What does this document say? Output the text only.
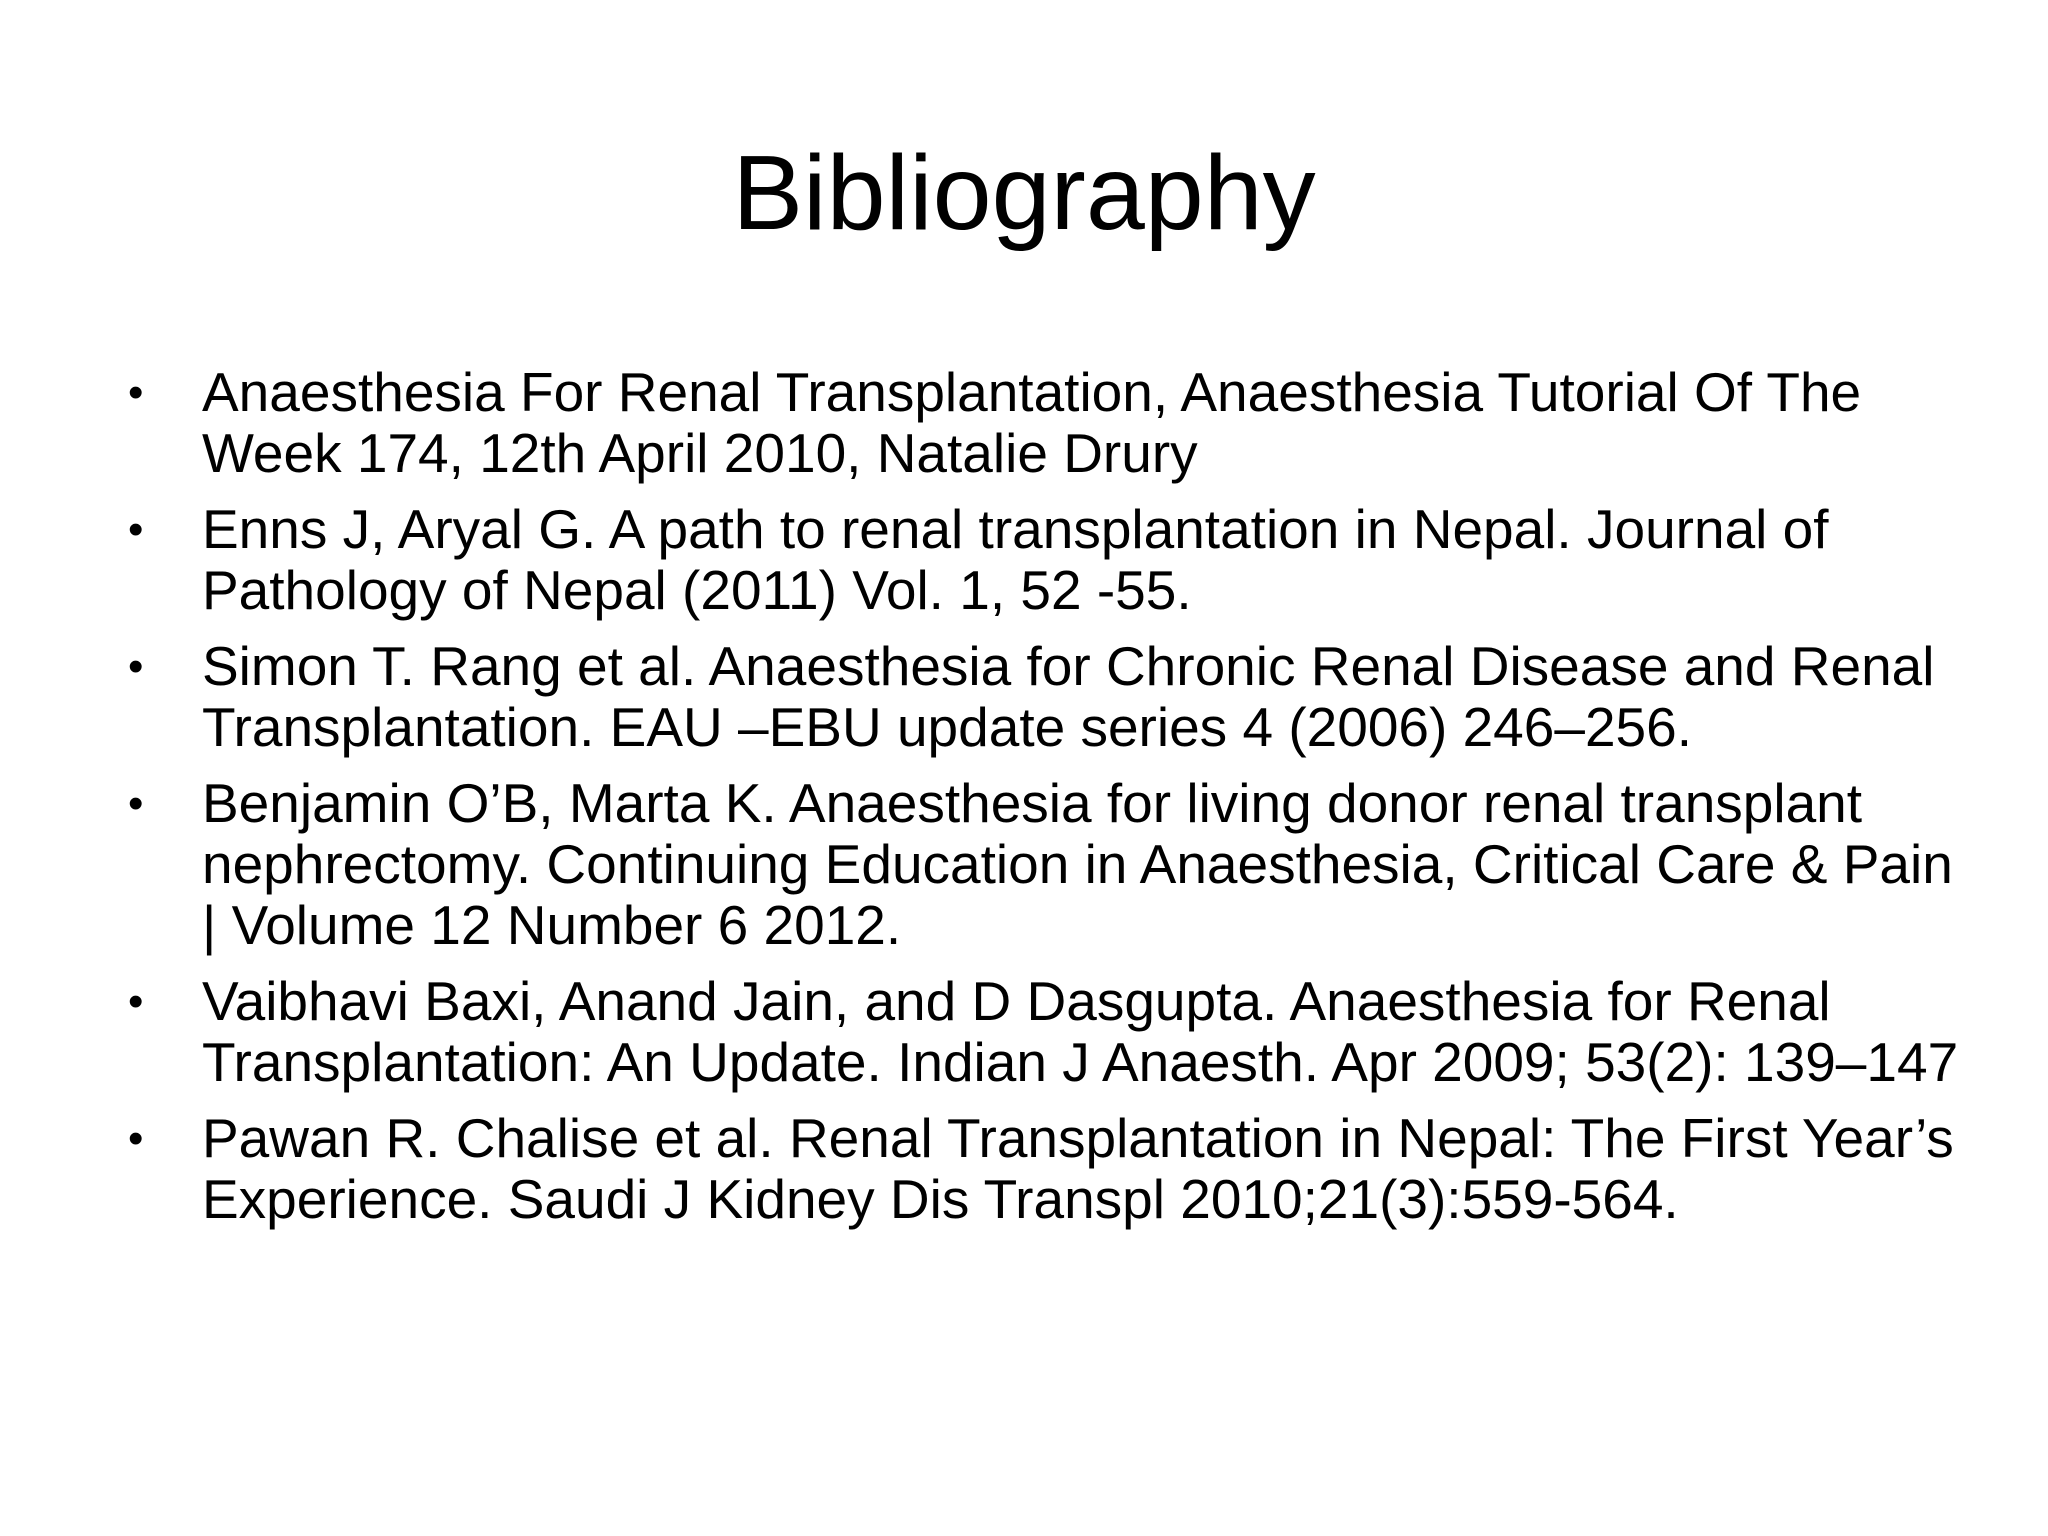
Bibliography
• Anaesthesia For Renal Transplantation, Anaesthesia Tutorial Of The Week 174, 12th April 2010, Natalie Drury
• Enns J, Aryal G. A path to renal transplantation in Nepal. Journal of Pathology of Nepal (2011) Vol. 1, 52 -55.
• Simon T. Rang et al. Anaesthesia for Chronic Renal Disease and Renal Transplantation. EAU –EBU update series 4 (2006) 246–256.
• Benjamin O’B, Marta K. Anaesthesia for living donor renal transplant nephrectomy. Continuing Education in Anaesthesia, Critical Care & Pain | Volume 12 Number 6 2012.
• Vaibhavi Baxi, Anand Jain, and D Dasgupta. Anaesthesia for Renal Transplantation: An Update. Indian J Anaesth. Apr 2009; 53(2): 139–147
• Pawan R. Chalise et al. Renal Transplantation in Nepal: The First Year’s Experience. Saudi J Kidney Dis Transpl 2010;21(3):559-564.
